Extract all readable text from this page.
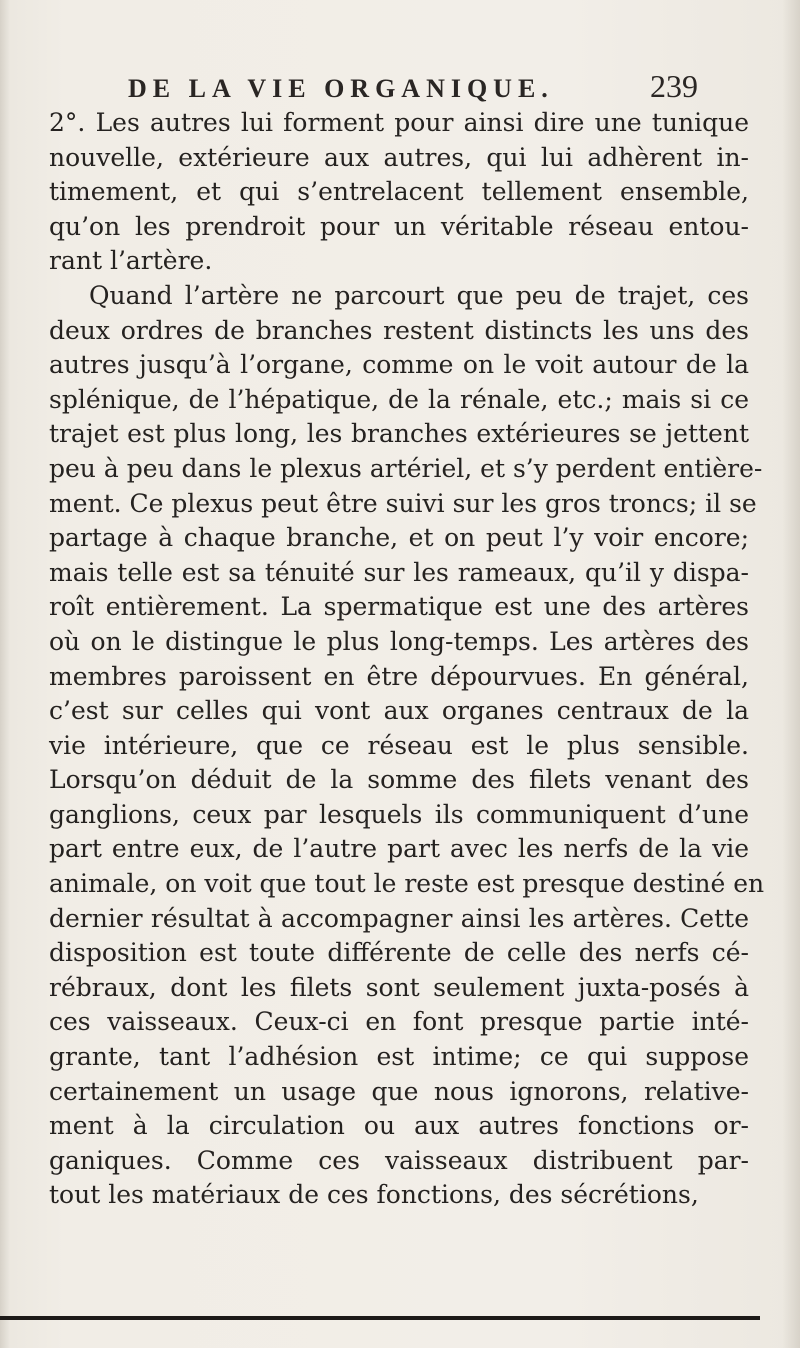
DE LA VIE ORGANIQUE.	239
2°. Les autres lui forment pour ainsi dire une tunique
nouvelle, extérieure aux autres, qui lui adhèrent in-
timement, et qui s’entrelacent tellement ensemble,
qu’on les prendroit pour un véritable réseau entou-
rant l’artère.
Quand l’artère ne parcourt que peu de trajet, ces
deux ordres de branches restent distincts les uns des
autres jusqu’à l’organe, comme on le voit autour de la
splénique, de l’hépatique, de la rénale, etc.; mais si ce
trajet est plus long, les branches extérieures se jettent
peu à peu dans le plexus artériel, et s’y perdent entière-
ment. Ce plexus peut être suivi sur les gros troncs; il se
partage à chaque branche, et on peut l’y voir encore;
mais telle est sa ténuité sur les rameaux, qu’il y dispa-
roît entièrement. La spermatique est une des artères
où on le distingue le plus long-temps. Les artères des
membres paroissent en être dépourvues. En général,
c’est sur celles qui vont aux organes centraux de la
vie intérieure, que ce réseau est le plus sensible.
Lorsqu’on déduit de la somme des filets venant des
ganglions, ceux par lesquels ils communiquent d’une
part entre eux, de l’autre part avec les nerfs de la vie
animale, on voit que tout le reste est presque destiné en
dernier résultat à accompagner ainsi les artères. Cette
disposition est toute différente de celle des nerfs cé-
rébraux, dont les filets sont seulement juxta-posés à
ces vaisseaux. Ceux-ci en font presque partie inté-
grante, tant l’adhésion est intime; ce qui suppose
certainement un usage que nous ignorons, relative-
ment à la circulation ou aux autres fonctions or-
ganiques. Comme ces vaisseaux distribuent par-
tout les matériaux de ces fonctions, des sécrétions,
